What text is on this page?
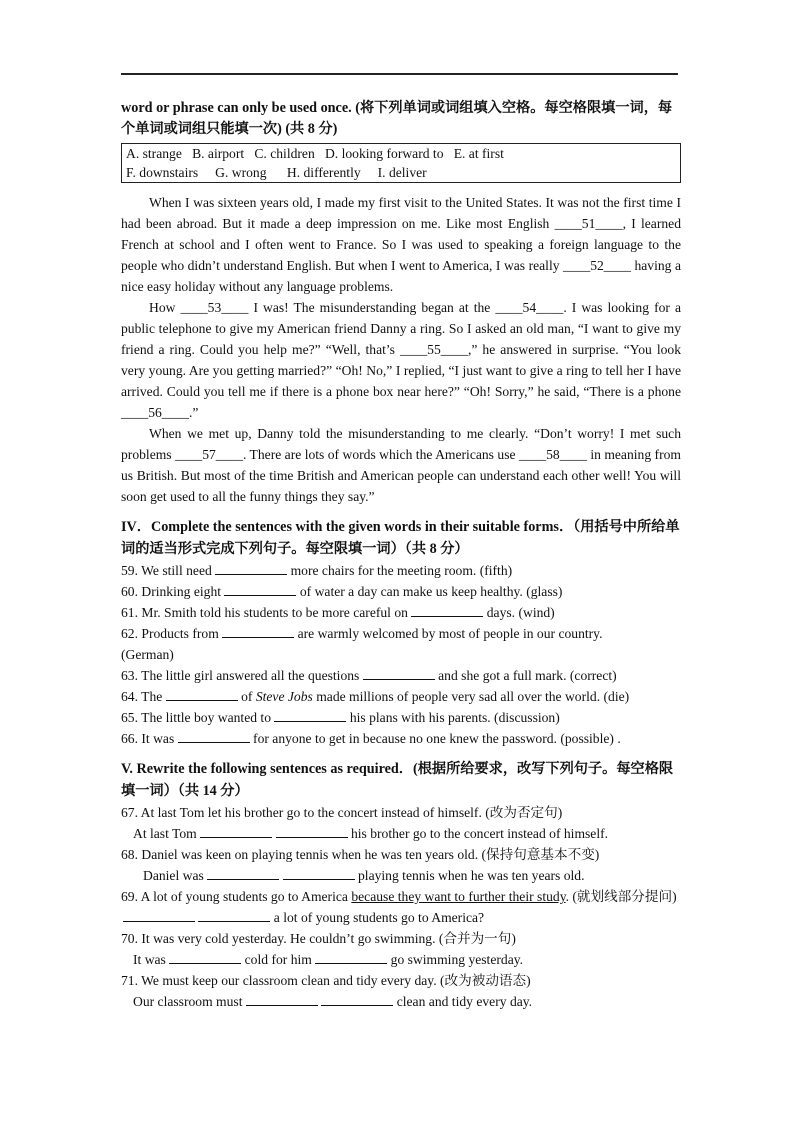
word or phrase can only be used once. (将下列单词或词组填入空格。每空格限填一词，每个单词或词组只能填一次) (共 8 分)
A. strange   B. airport   C. children   D. looking forward to   E. at first
F. downstairs     G. wrong      H. differently     I. deliver

When I was sixteen years old, I made my first visit to the United States. It was not the first time I had been abroad. But it made a deep impression on me. Like most English ____51____, I learned French at school and I often went to France. So I was used to speaking a foreign language to the people who didn’t understand English. But when I went to America, I was really ____52____ having a nice easy holiday without any language problems.

How ____53____ I was! The misunderstanding began at the ____54____. I was looking for a public telephone to give my American friend Danny a ring. So I asked an old man, “I want to give my friend a ring. Could you help me?” “Well, that’s ____55____,” he answered in surprise. “You look very young. Are you getting married?” “Oh! No,” I replied, “I just want to give a ring to tell her I have arrived. Could you tell me if there is a phone box near here?” “Oh! Sorry,” he said, “There is a phone ____56____.”

When we met up, Danny told the misunderstanding to me clearly. “Don’t worry! I met such problems ____57____. There are lots of words which the Americans use ____58____ in meaning from us British. But most of the time British and American people can understand each other well! You will soon get used to all the funny things they say.”

IV．Complete the sentences with the given words in their suitable forms．（用括号中所给单词的适当形式完成下列句子。每空限填一词）（共 8 分）

59. We still need	more chairs for the meeting room. (fifth)

60. Drinking eight	of water a day can make us keep healthy. (glass)

61. Mr. Smith told his students to be more careful on	days. (wind)

62. Products from	are warmly welcomed by most of people in our country.

(German)

63. The little girl answered all the questions	and she got a full mark. (correct)

64. The	of Steve Jobs made millions of people very sad all over the world. (die)

65. The little boy wanted to	his plans with his parents. (discussion)

66. It was	for anyone to get in because no one knew the password. (possible) .

V. Rewrite the following sentences as required．(根据所给要求，改写下列句子。每空格限填一词）（共 14 分）

67. At last Tom let his brother go to the concert instead of himself. (改为否定句)

At last Tom	his brother go to the concert instead of himself.

68. Daniel was keen on playing tennis when he was ten years old. (保持句意基本不变)

Daniel was	playing tennis when he was ten years old.

69. A lot of young students go to America because they want to further their study. (就划线部分提问)

a lot of young students go to America?

70. It was very cold yesterday. He couldn’t go swimming. (合并为一句)

It was	cold for him	go swimming yesterday.

71. We must keep our classroom clean and tidy every day. (改为被动语态)

Our classroom must	clean and tidy every day.
